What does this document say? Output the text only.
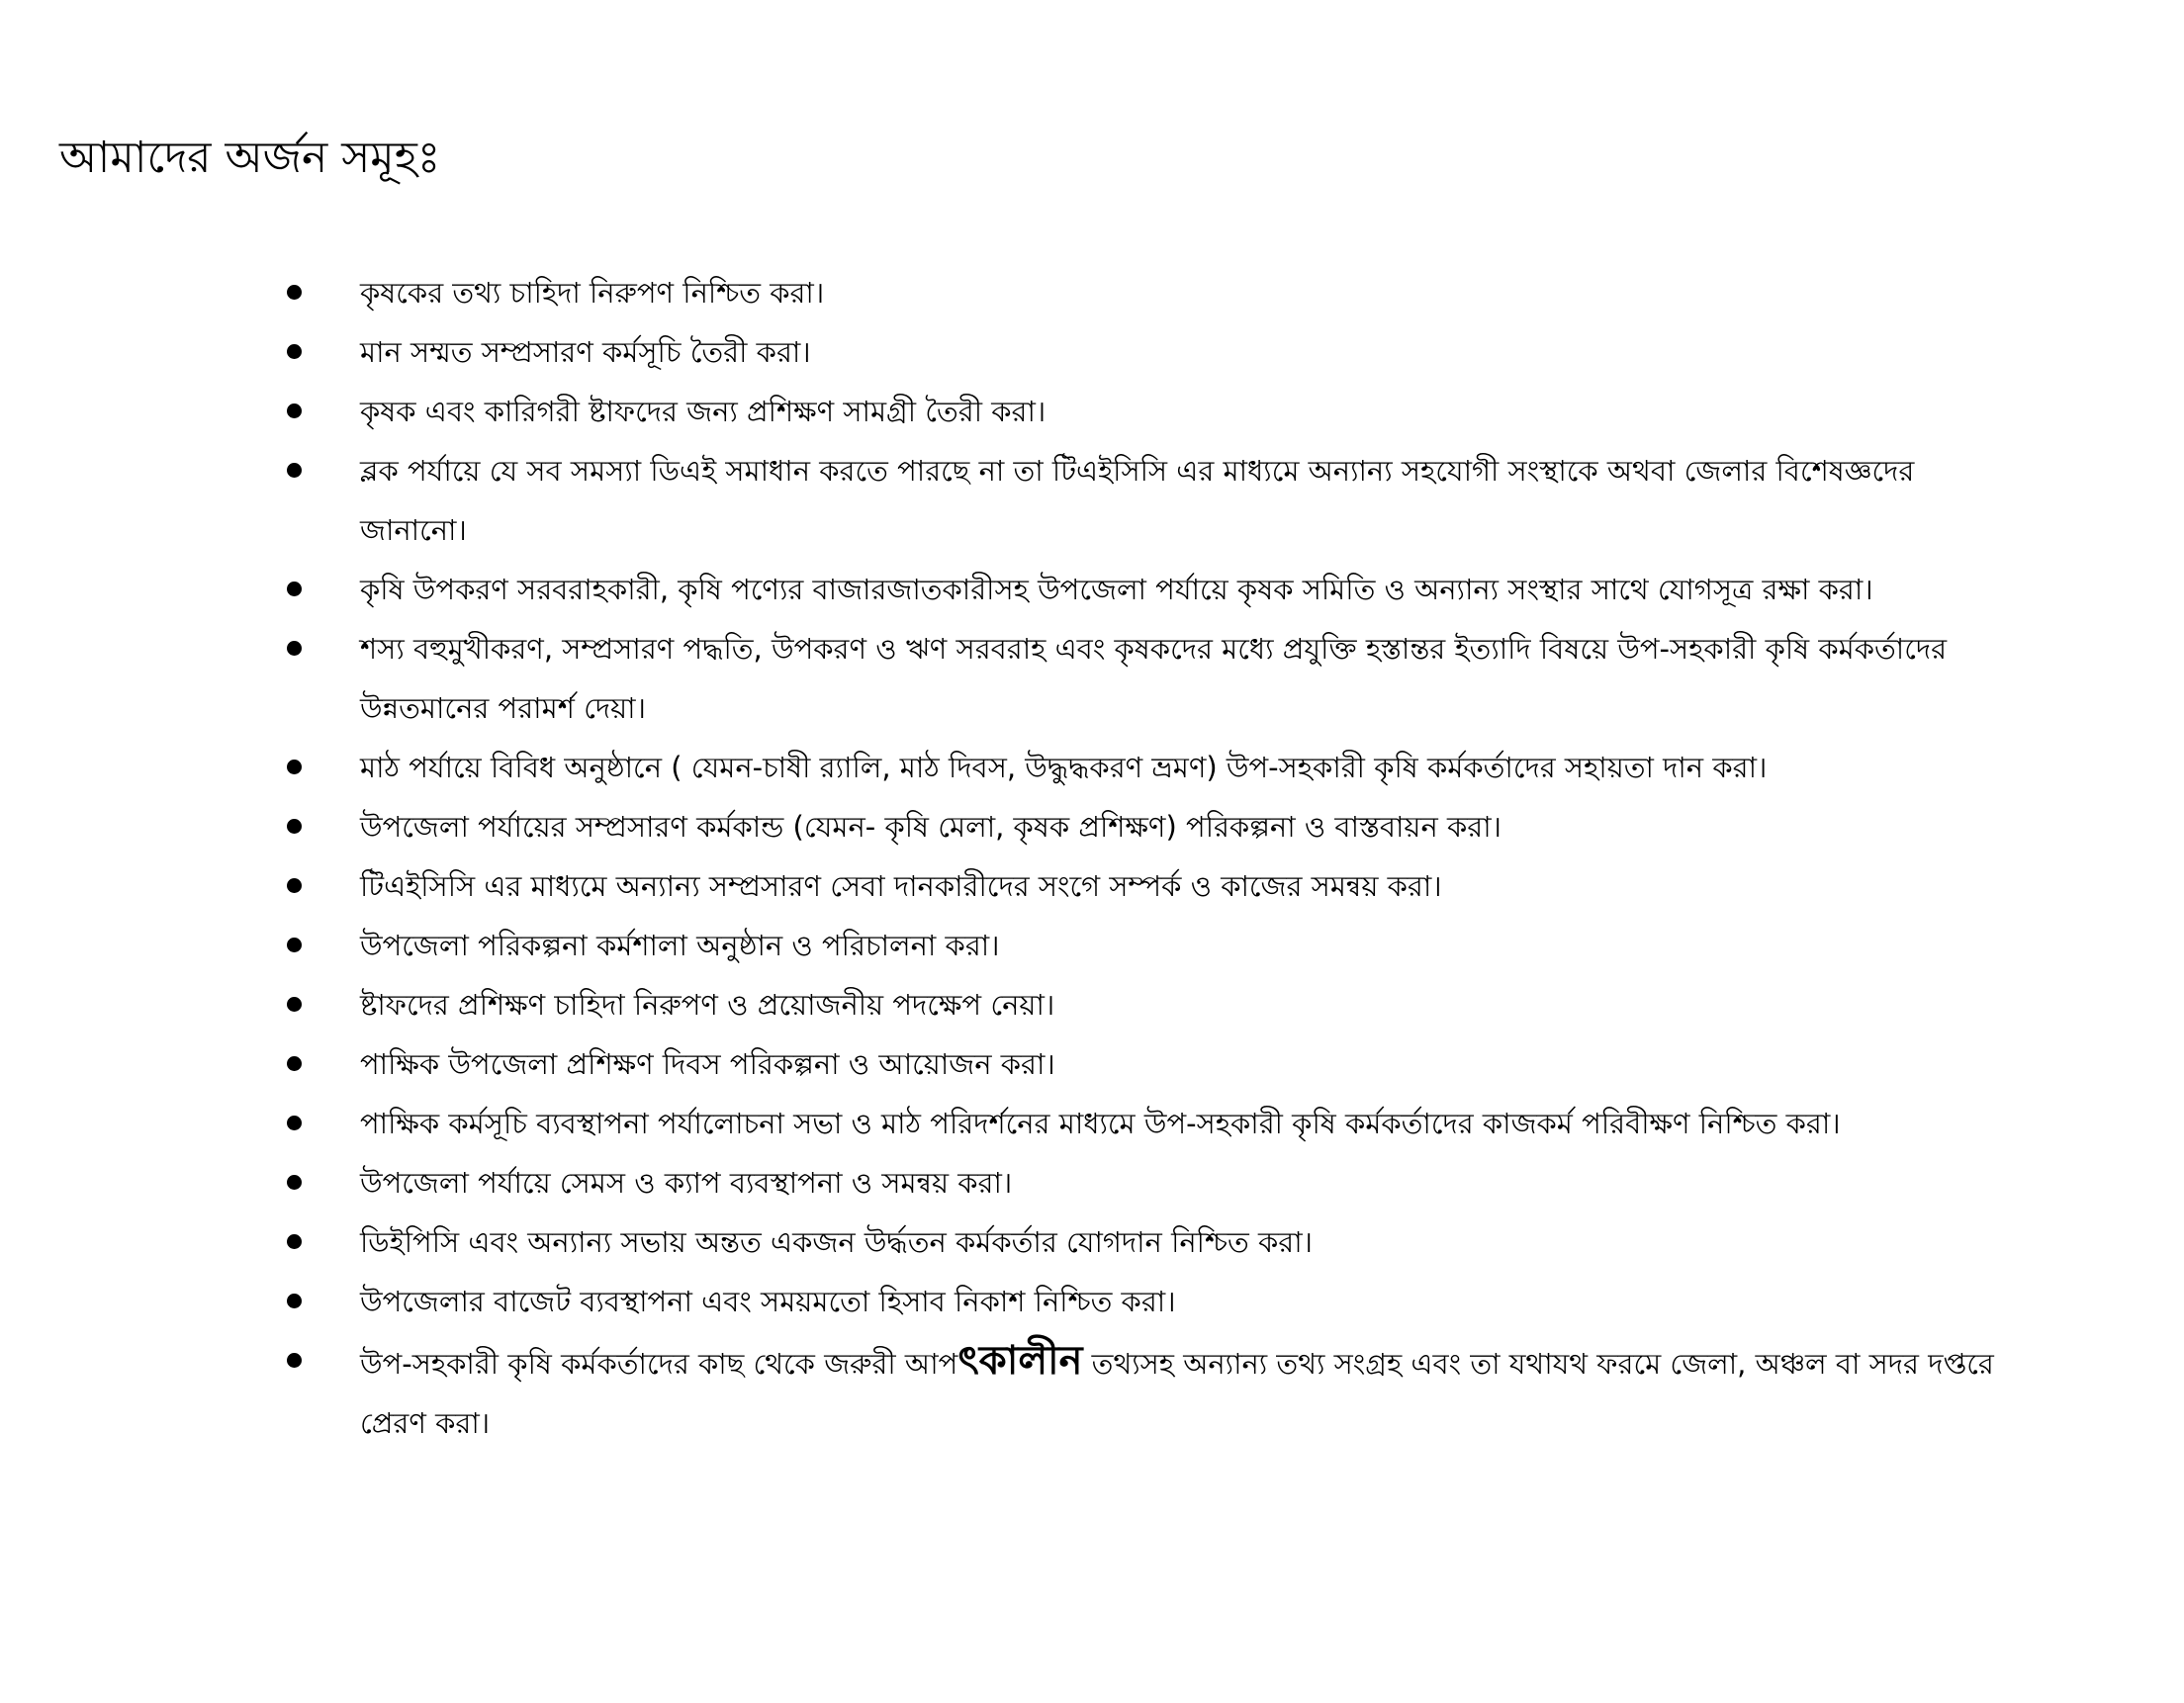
আমাদের অর্জন সমূহঃ
কৃষকের তথ্য চাহিদা নিরুপণ নিশ্চিত করা।
মান সম্মত সম্প্রসারণ কর্মসূচি তৈরী করা।
কৃষক এবং কারিগরী ষ্টাফদের জন্য প্রশিক্ষণ সামগ্রী তৈরী করা।
ব্লক পর্যায়ে যে সব সমস্যা ডিএই সমাধান করতে পারছে না তা টিএইসিসি এর মাধ্যমে অন্যান্য সহযোগী সংস্থাকে অথবা জেলার বিশেষজ্ঞদের জানানো।
কৃষি উপকরণ সরবরাহকারী, কৃষি পণ্যের বাজারজাতকারীসহ উপজেলা পর্যায়ে কৃষক সমিতি ও অন্যান্য সংস্থার সাথে যোগসূত্র রক্ষা করা।
শস্য বহুমুখীকরণ, সম্প্রসারণ পদ্ধতি, উপকরণ ও ঋণ সরবরাহ এবং কৃষকদের মধ্যে প্রযুক্তি হস্তান্তর ইত্যাদি বিষয়ে উপ-সহকারী কৃষি কর্মকর্তাদের উন্নতমানের পরামর্শ দেয়া।
মাঠ পর্যায়ে বিবিধ অনুষ্ঠানে ( যেমন-চাষী র‌্যালি, মাঠ দিবস, উদ্ধুদ্ধকরণ ভ্রমণ) উপ-সহকারী কৃষি কর্মকর্তাদের সহায়তা দান করা।
উপজেলা পর্যায়ের সম্প্রসারণ কর্মকান্ড (যেমন- কৃষি মেলা, কৃষক প্রশিক্ষণ) পরিকল্পনা ও বাস্তবায়ন করা।
টিএইসিসি এর মাধ্যমে অন্যান্য সম্প্রসারণ সেবা দানকারীদের সংগে সম্পর্ক ও কাজের সমন্বয় করা।
উপজেলা পরিকল্পনা কর্মশালা অনুষ্ঠান ও পরিচালনা করা।
ষ্টাফদের প্রশিক্ষণ চাহিদা নিরুপণ ও প্রয়োজনীয় পদক্ষেপ নেয়া।
পাক্ষিক উপজেলা প্রশিক্ষণ দিবস পরিকল্পনা ও আয়োজন করা।
পাক্ষিক কর্মসূচি ব্যবস্থাপনা পর্যালোচনা সভা ও মাঠ পরিদর্শনের মাধ্যমে উপ-সহকারী কৃষি কর্মকর্তাদের কাজকর্ম পরিবীক্ষণ নিশ্চিত করা।
উপজেলা পর্যায়ে সেমস ও ক্যাপ ব্যবস্থাপনা ও সমন্বয় করা।
ডিইপিসি এবং অন্যান্য সভায় অন্তত একজন উর্দ্ধতন কর্মকর্তার যোগদান নিশ্চিত করা।
উপজেলার বাজেট ব্যবস্থাপনা এবং সময়মতো হিসাব নিকাশ নিশ্চিত করা।
উপ-সহকারী কৃষি কর্মকর্তাদের কাছ থেকে জরুরী আপৎকালীন তথ্যসহ অন্যান্য তথ্য সংগ্রহ এবং তা যথাযথ ফরমে জেলা, অঞ্চল বা সদর দপ্তরে প্রেরণ করা।
